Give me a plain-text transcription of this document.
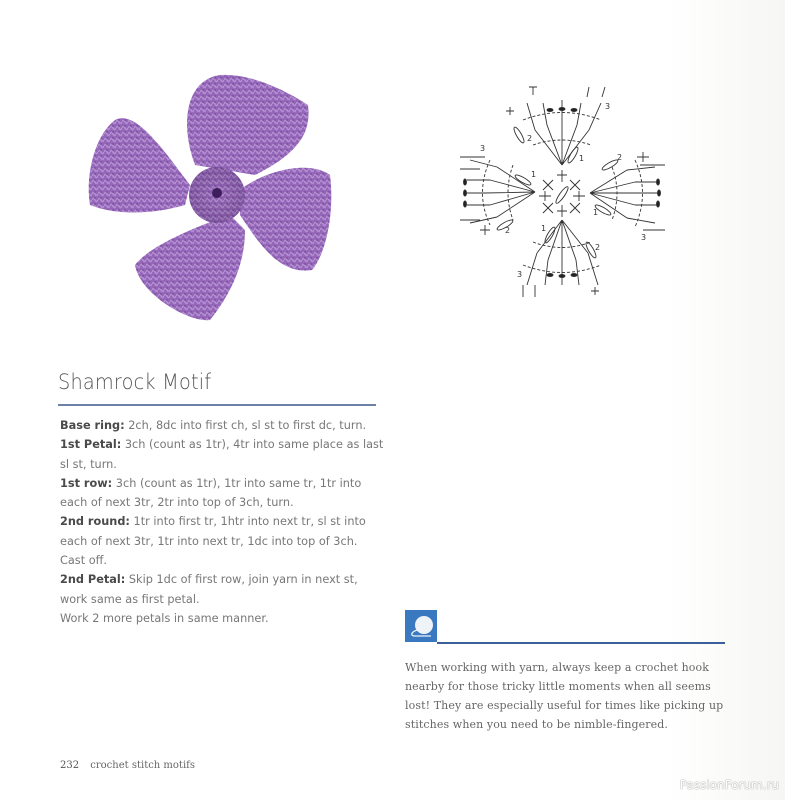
3
2
1
3
1
2
2
1
3
1
2
3
Shamrock Motif

Base ring: 2ch, 8dc into first ch, sl st to first dc, turn.

1st Petal: 3ch (count as 1tr), 4tr into same place as last sl st, turn.

1st row: 3ch (count as 1tr), 1tr into same tr, 1tr into each of next 3tr, 2tr into top of 3ch, turn.

2nd round: 1tr into first tr, 1htr into next tr, sl st into each of next 3tr, 1tr into next tr, 1dc into top of 3ch. Cast off.

2nd Petal: Skip 1dc of first row, join yarn in next st, work same as first petal.

Work 2 more petals in same manner.

When working with yarn, always keep a crochet hook nearby for those tricky little moments when all seems lost! They are especially useful for times like picking up stitches when you need to be nimble-fingered.
232 crochet stitch motifs
PassionForum.ru
